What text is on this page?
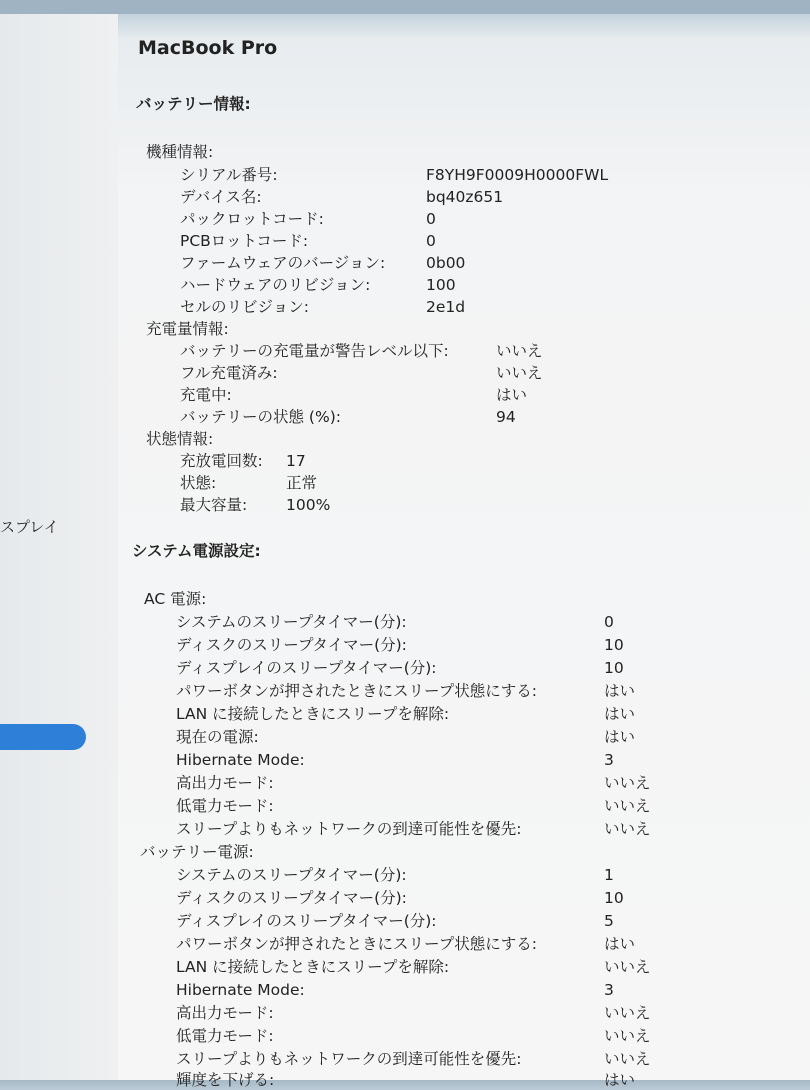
スプレイ
MacBook Pro
バッテリー情報:
機種情報:
シリアル番号:	F8YH9F0009H0000FWL
デバイス名:	bq40z651
パックロットコード:	0
PCBロットコード:	0
ファームウェアのバージョン:	0b00
ハードウェアのリビジョン:	100
セルのリビジョン:	2e1d
充電量情報:
バッテリーの充電量が警告レベル以下:	いいえ
フル充電済み:	いいえ
充電中:	はい
バッテリーの状態 (%):	94
状態情報:
充放電回数: 17
状態:	正常
最大容量:	100%
システム電源設定:
AC 電源:
システムのスリープタイマー(分):	0
ディスクのスリープタイマー(分):	10
ディスプレイのスリープタイマー(分):	10
パワーボタンが押されたときにスリープ状態にする:	はい
LAN に接続したときにスリープを解除:	はい
現在の電源:	はい
Hibernate Mode:	3
高出力モード:	いいえ
低電力モード:	いいえ
スリープよりもネットワークの到達可能性を優先:	いいえ
バッテリー電源:
システムのスリープタイマー(分):	1
ディスクのスリープタイマー(分):	10
ディスプレイのスリープタイマー(分):	5
パワーボタンが押されたときにスリープ状態にする:	はい
LAN に接続したときにスリープを解除:	いいえ
Hibernate Mode:	3
高出力モード:	いいえ
低電力モード:	いいえ
スリープよりもネットワークの到達可能性を優先:	いいえ
輝度を下げる:	はい
